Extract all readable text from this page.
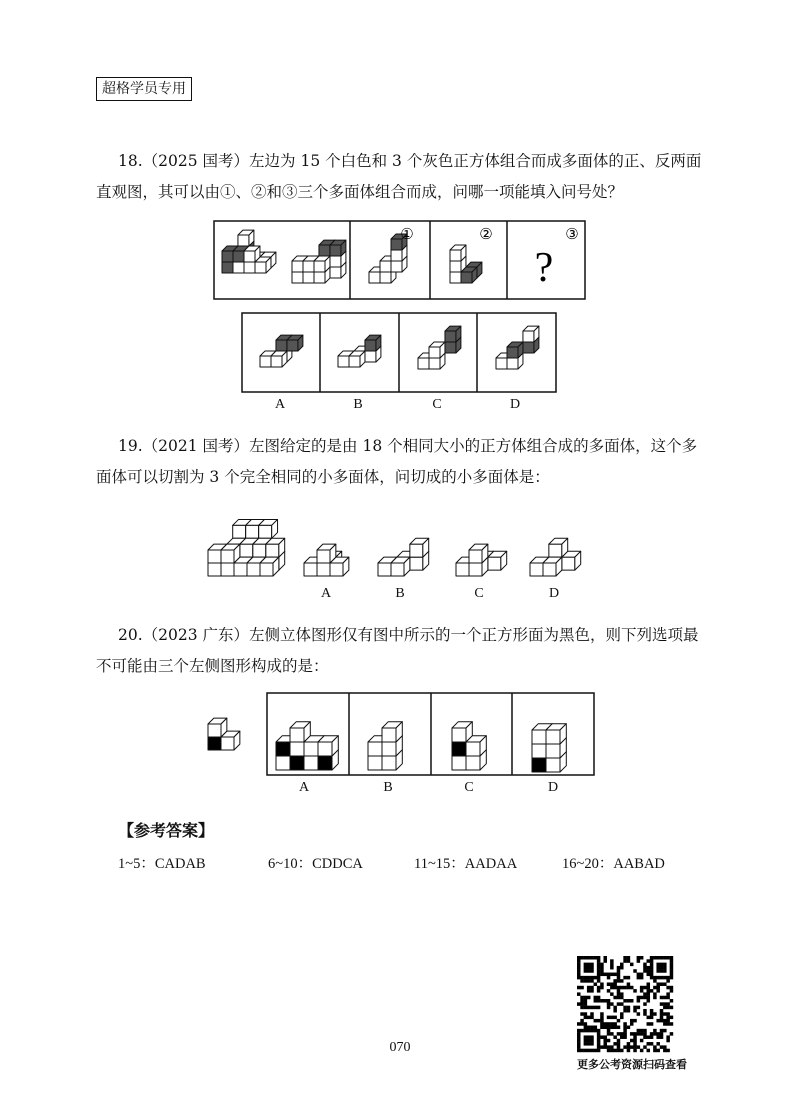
超格学员专用
18.（2025 国考）左边为 15 个白色和 3 个灰色正方体组合而成多面体的正、反两面直观图，其可以由①、②和③三个多面体组合而成，问哪一项能填入问号处？
①	②	③
?
A	B	C	D
19.（2021 国考）左图给定的是由 18 个相同大小的正方体组合成的多面体，这个多面体可以切割为 3 个完全相同的小多面体，问切成的小多面体是：
A	B	C	D
20.（2023 广东）左侧立体图形仅有图中所示的一个正方形面为黑色，则下列选项最不可能由三个左侧图形构成的是：
A	B	C	D
【参考答案】
1~5：CADAB	6~10：CDDCA	11~15：AADAA	16~20：AABAD
更多公考资源扫码查看
070
